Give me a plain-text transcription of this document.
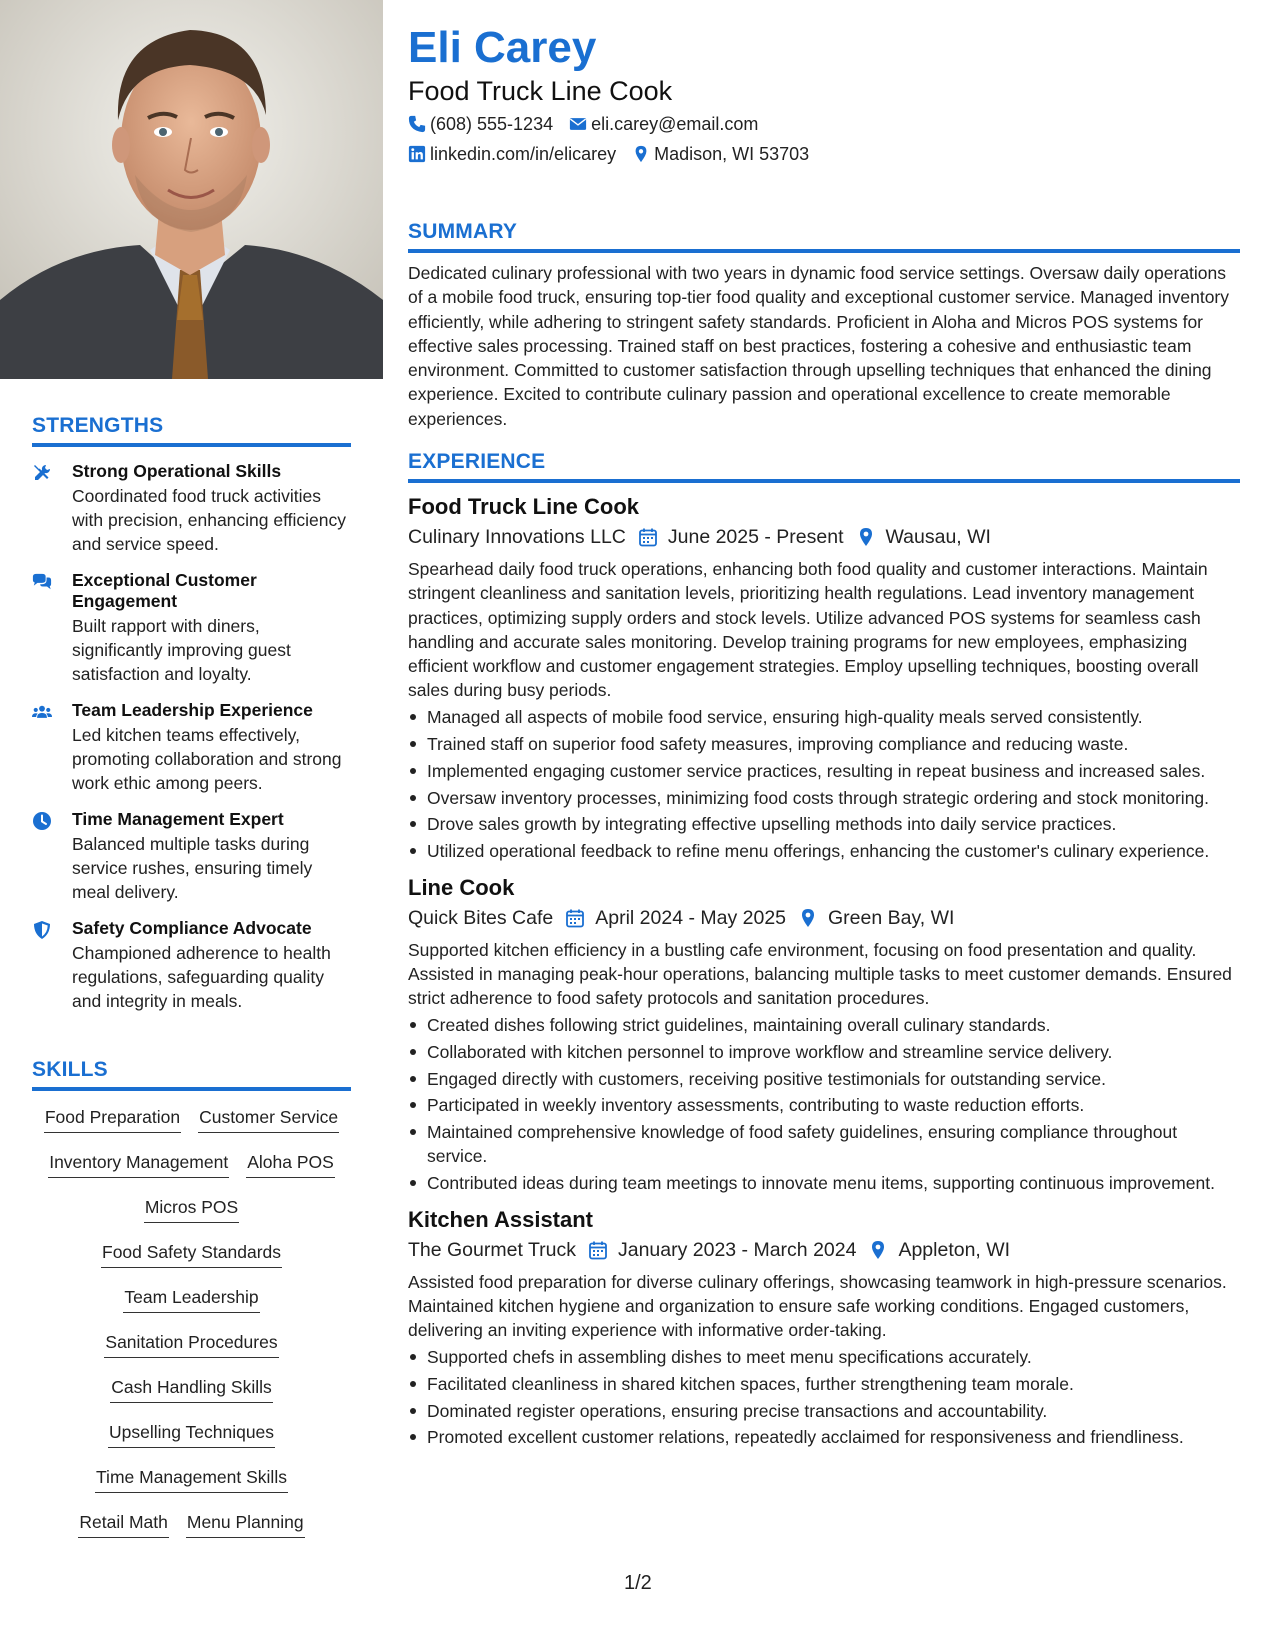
STRENGTHS
Strong Operational Skills
Coordinated food truck activities with precision, enhancing efficiency and service speed.
Exceptional Customer Engagement
Built rapport with diners, significantly improving guest satisfaction and loyalty.
Team Leadership Experience
Led kitchen teams effectively, promoting collaboration and strong work ethic among peers.
Time Management Expert
Balanced multiple tasks during service rushes, ensuring timely meal delivery.
Safety Compliance Advocate
Championed adherence to health regulations, safeguarding quality and integrity in meals.
SKILLS
Food Preparation Customer Service
Inventory Management Aloha POS
Micros POS
Food Safety Standards
Team Leadership
Sanitation Procedures
Cash Handling Skills
Upselling Techniques
Time Management Skills
Retail Math Menu Planning
Eli Carey
Food Truck Line Cook
(608) 555-1234 eli.carey@email.com
linkedin.com/in/elicarey Madison, WI 53703
SUMMARY

Dedicated culinary professional with two years in dynamic food service settings. Oversaw daily operations of a mobile food truck, ensuring top-tier food quality and exceptional customer service. Managed inventory efficiently, while adhering to stringent safety standards. Proficient in Aloha and Micros POS systems for effective sales processing. Trained staff on best practices, fostering a cohesive and enthusiastic team environment. Committed to customer satisfaction through upselling techniques that enhanced the dining experience. Excited to contribute culinary passion and operational excellence to create memorable experiences.

EXPERIENCE
Food Truck Line Cook
Culinary Innovations LLC June 2025 - Present Wausau, WI

Spearhead daily food truck operations, enhancing both food quality and customer interactions. Maintain stringent cleanliness and sanitation levels, prioritizing health regulations. Lead inventory management practices, optimizing supply orders and stock levels. Utilize advanced POS systems for seamless cash handling and accurate sales monitoring. Develop training programs for new employees, emphasizing efficient workflow and customer engagement strategies. Employ upselling techniques, boosting overall sales during busy periods.

Managed all aspects of mobile food service, ensuring high-quality meals served consistently.
Trained staff on superior food safety measures, improving compliance and reducing waste.
Implemented engaging customer service practices, resulting in repeat business and increased sales.
Oversaw inventory processes, minimizing food costs through strategic ordering and stock monitoring.
Drove sales growth by integrating effective upselling methods into daily service practices.
Utilized operational feedback to refine menu offerings, enhancing the customer's culinary experience.
Line Cook
Quick Bites Cafe April 2024 - May 2025 Green Bay, WI

Supported kitchen efficiency in a bustling cafe environment, focusing on food presentation and quality. Assisted in managing peak-hour operations, balancing multiple tasks to meet customer demands. Ensured strict adherence to food safety protocols and sanitation procedures.

Created dishes following strict guidelines, maintaining overall culinary standards.
Collaborated with kitchen personnel to improve workflow and streamline service delivery.
Engaged directly with customers, receiving positive testimonials for outstanding service.
Participated in weekly inventory assessments, contributing to waste reduction efforts.
Maintained comprehensive knowledge of food safety guidelines, ensuring compliance throughout service.
Contributed ideas during team meetings to innovate menu items, supporting continuous improvement.
Kitchen Assistant
The Gourmet Truck January 2023 - March 2024 Appleton, WI

Assisted food preparation for diverse culinary offerings, showcasing teamwork in high-pressure scenarios. Maintained kitchen hygiene and organization to ensure safe working conditions. Engaged customers, delivering an inviting experience with informative order-taking.

Supported chefs in assembling dishes to meet menu specifications accurately.
Facilitated cleanliness in shared kitchen spaces, further strengthening team morale.
Dominated register operations, ensuring precise transactions and accountability.
Promoted excellent customer relations, repeatedly acclaimed for responsiveness and friendliness.
1/2
